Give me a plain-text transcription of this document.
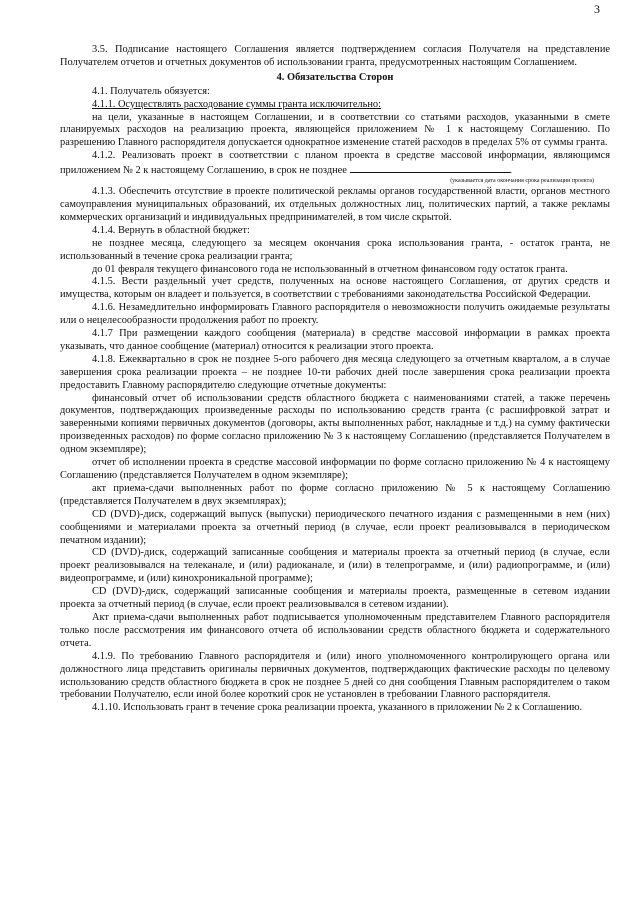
3

3.5. Подписание настоящего Соглашения является подтверждением согласия Получателя на представление Получателем отчетов и отчетных документов об использовании гранта, предусмотренных настоящим Соглашением.

4. Обязательства Сторон

4.1. Получатель обязуется:

4.1.1. Осуществлять расходование суммы гранта исключительно:

на цели, указанные в настоящем Соглашении, и в соответствии со статьями расходов, указанными в смете планируемых расходов на реализацию проекта, являющейся приложением № 1 к настоящему Соглашению. По разрешению Главного распорядителя допускается однократное изменение статей расходов в пределах 5% от суммы гранта.

4.1.2. Реализовать проект в соответствии с планом проекта в средстве массовой информации, являющимся приложением № 2 к настоящему Соглашению, в срок не позднее	.

(указывается дата окончания срока реализации проекта)

4.1.3. Обеспечить отсутствие в проекте политической рекламы органов государственной власти, органов местного самоуправления муниципальных образований, их отдельных должностных лиц, политических партий, а также рекламы коммерческих организаций и индивидуальных предпринимателей, в том числе скрытой.

4.1.4. Вернуть в областной бюджет:

не позднее месяца, следующего за месяцем окончания срока использования гранта, - остаток гранта, не использованный в течение срока реализации гранта;

до 01 февраля текущего финансового года не использованный в отчетном финансовом году остаток гранта.

4.1.5. Вести раздельный учет средств, полученных на основе настоящего Соглашения, от других средств и имущества, которым он владеет и пользуется, в соответствии с требованиями законодательства Российской Федерации.

4.1.6. Незамедлительно информировать Главного распорядителя о невозможности получить ожидаемые результаты или о нецелесообразности продолжения работ по проекту.

4.1.7 При размещении каждого сообщения (материала) в средстве массовой информации в рамках проекта указывать, что данное сообщение (материал) относится к реализации этого проекта.

4.1.8. Ежеквартально в срок не позднее 5-ого рабочего дня месяца следующего за отчетным кварталом, а в случае завершения срока реализации проекта – не позднее 10-ти рабочих дней после завершения срока реализации проекта предоставить Главному распорядителю следующие отчетные документы:

финансовый отчет об использовании средств областного бюджета с наименованиями статей, а также перечень документов, подтверждающих произведенные расходы по использованию средств гранта (с расшифровкой затрат и заверенными копиями первичных документов (договоры, акты выполненных работ, накладные и т.д.) на сумму фактически произведенных расходов) по форме согласно приложению № 3 к настоящему Соглашению (представляется Получателем в одном экземпляре);

отчет об исполнении проекта в средстве массовой информации по форме согласно приложению № 4 к настоящему Соглашению (представляется Получателем в одном экземпляре);

акт приема-сдачи выполненных работ по форме согласно приложению № 5 к настоящему Соглашению (представляется Получателем в двух экземплярах);

CD (DVD)-диск, содержащий выпуск (выпуски) периодического печатного издания с размещенными в нем (них) сообщениями и материалами проекта за отчетный период (в случае, если проект реализовывался в периодическом печатном издании);

CD (DVD)-диск, содержащий записанные сообщения и материалы проекта за отчетный период (в случае, если проект реализовывался на телеканале, и (или) радиоканале, и (или) в телепрограмме, и (или) радиопрограмме, и (или) видеопрограмме, и (или) кинохроникальной программе);

CD (DVD)-диск, содержащий записанные сообщения и материалы проекта, размещенные в сетевом издании проекта за отчетный период (в случае, если проект реализовывался в сетевом издании).

Акт приема-сдачи выполненных работ подписывается уполномоченным представителем Главного распорядителя только после рассмотрения им финансового отчета об использовании средств областного бюджета и содержательного отчета.

4.1.9. По требованию Главного распорядителя и (или) иного уполномоченного контролирующего органа или должностного лица представить оригиналы первичных документов, подтверждающих фактические расходы по целевому использованию средств областного бюджета в срок не позднее 5 дней со дня сообщения Главным распорядителем о таком требовании Получателю, если иной более короткий срок не установлен в требовании Главного распорядителя.

4.1.10. Использовать грант в течение срока реализации проекта, указанного в приложении № 2 к Соглашению.
